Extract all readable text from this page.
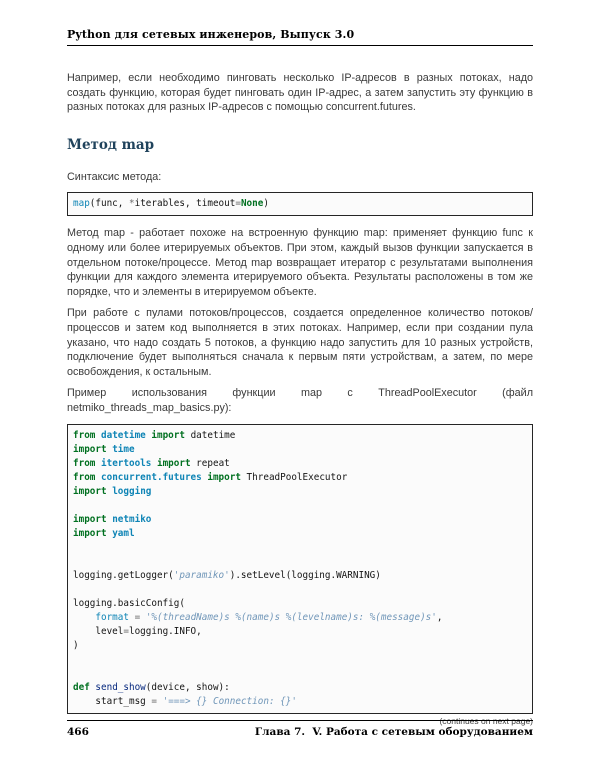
Python для сетевых инженеров, Выпуск 3.0

Например, если необходимо пинговать несколько IP-адресов в разных потоках, надо создать функцию, которая будет пинговать один IP-адрес, а затем запустить эту функцию в разных потоках для разных IP-адресов с помощью concurrent.futures.

Метод map

Синтаксис метода:

map(func, *iterables, timeout=None)

Метод map - работает похоже на встроенную функцию map: применяет функцию func к одному или более итерируемых объектов. При этом, каждый вызов функции запускается в отдельном потоке/процессе. Метод map возвращает итератор с результатами выполнения функции для каждого элемента итерируемого объекта. Результаты расположены в том же порядке, что и элементы в итерируемом объекте.

При работе с пулами потоков/процессов, создается определенное количество потоков/процессов и затем код выполняется в этих потоках. Например, если при создании пула указано, что надо создать 5 потоков, а функцию надо запустить для 10 разных устройств, подключение будет выполняться сначала к первым пяти устройствам, а затем, по мере освобождения, к остальным.

Пример использования функции map с ThreadPoolExecutor (файл netmiko_threads_map_basics.py):

from datetime import datetime
import time
from itertools import repeat
from concurrent.futures import ThreadPoolExecutor
import logging

import netmiko
import yaml

logging.getLogger('paramiko').setLevel(logging.WARNING)

logging.basicConfig(
format = '%(threadName)s %(name)s %(levelname)s: %(message)s',
level=logging.INFO,
)

def send_show(device, show):
start_msg = '===> {} Connection: {}'
(continues on next page)
466	Глава 7.  V. Работа с сетевым оборудованием
